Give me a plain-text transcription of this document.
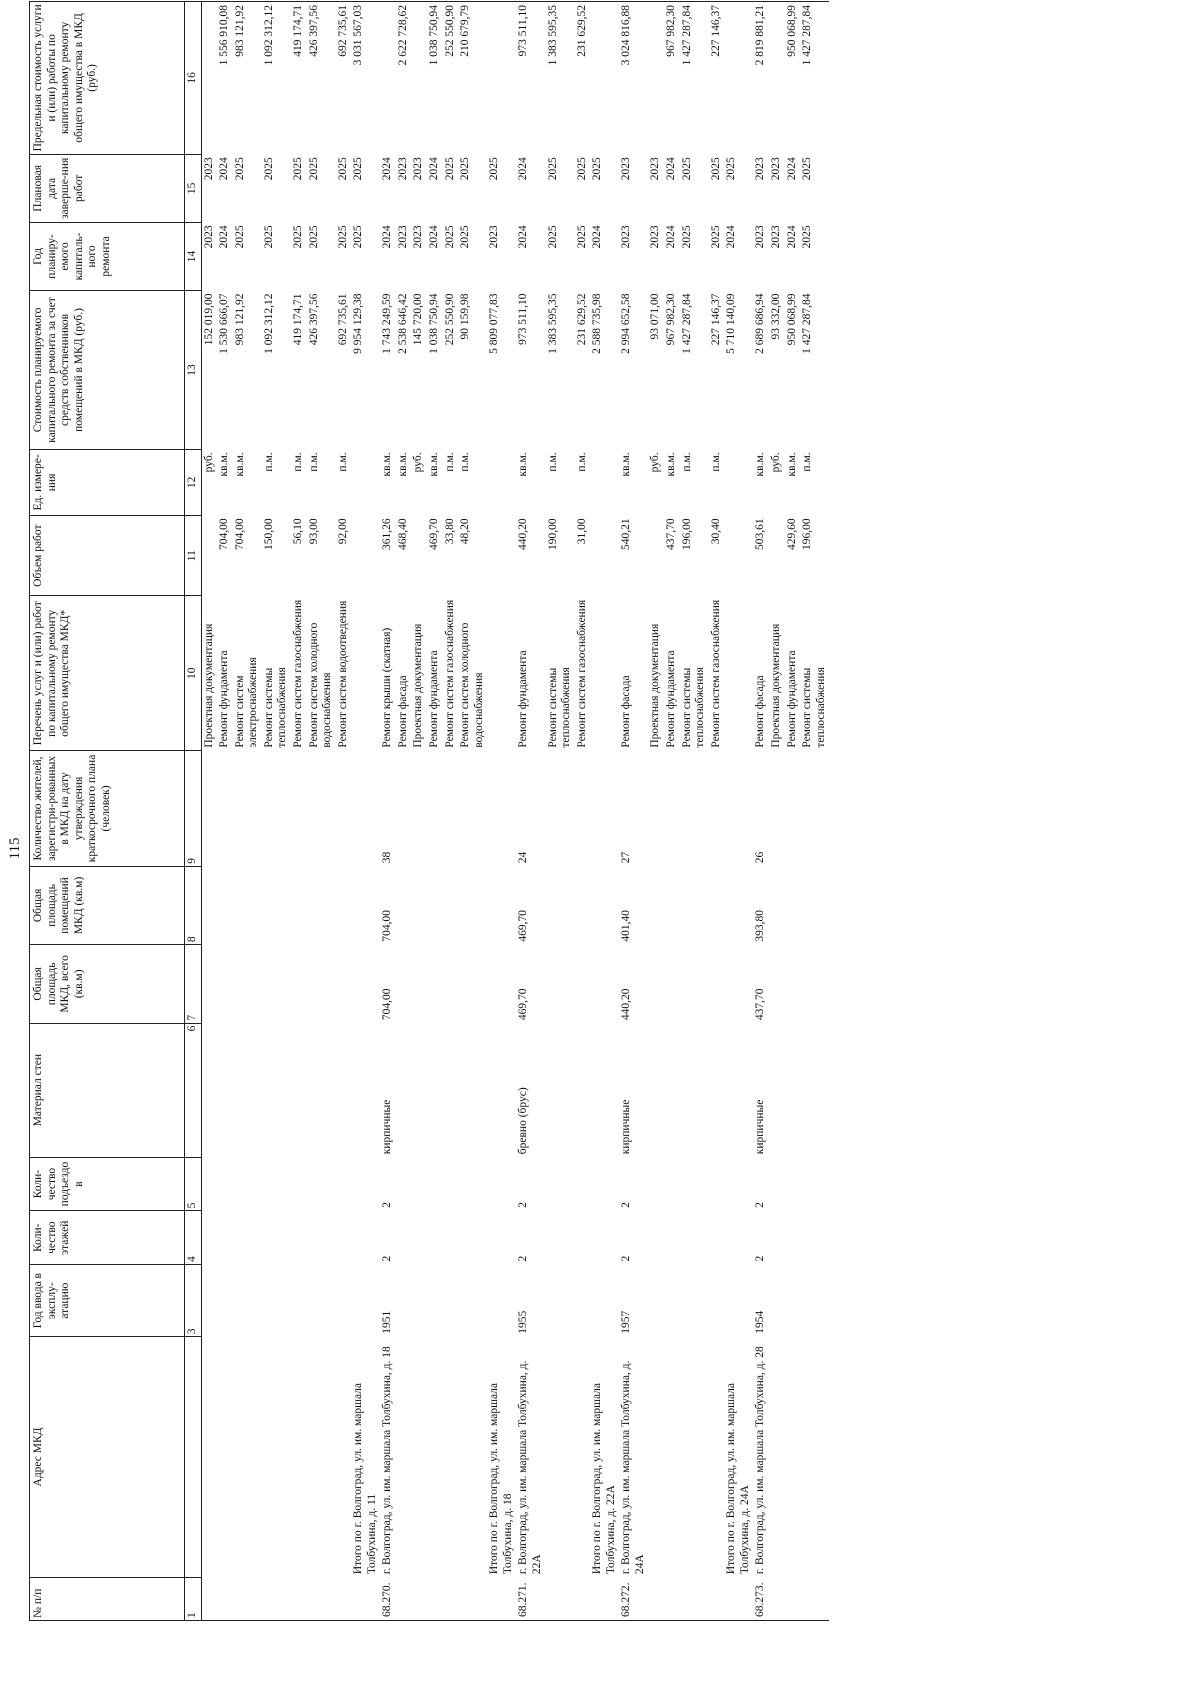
115
№ п/п	Адрес МКД	Год ввода в эксплу-атацию	Коли-чество этажей	Коли-чество подъездо в	Материал стен	Общая площадь МКД, всего (кв.м)	Общая площадь помещений МКД (кв.м)	Количество жителей, зарегистри-рованных в МКД на дату утверждения краткосрочного плана (человек)	Перечень услуг и (или) работ по капитальному ремонту общего имущества МКД*	Объем работ	Ед. измере-ния	Стоимость планируемого капитального ремонта за счет средств собственников помещений в МКД (руб.)	Год планиру-емого капиталь-ного ремонта	Плановая дата заверше-ния работ	Предельная стоимость услуги и (или) работы по капитальному ремонту общего имущества в МКД (руб.)
1		3	4	5	6	7	8	9	10	11	12	13	14	15	16
									Проектная документация		руб.	152 019,00	2023	2023	
									Ремонт фундамента	704,00	кв.м.	1 530 666,07	2024	2024	1 556 910,08
									Ремонт систем электроснабжения	704,00	кв.м.	983 121,92	2025	2025	983 121,92
									Ремонт системы теплоснабжения	150,00	п.м.	1 092 312,12	2025	2025	1 092 312,12
									Ремонт систем газоснабжения	56,10	п.м.	419 174,71	2025	2025	419 174,71
									Ремонт систем холодного водоснабжения	93,00	п.м.	426 397,56	2025	2025	426 397,56
									Ремонт систем водоотведения	92,00	п.м.	692 735,61	2025	2025	692 735,61
	Итого по г. Волгоград, ул. им. маршала Толбухина, д. 11											9 954 129,38	2025	2025	3 031 567,03
68.270.	г. Волгоград, ул. им. маршала Толбухина, д. 18	1951	2	2	кирпичные	704,00	704,00	38	Ремонт крыши (скатная)	361,26	кв.м.	1 743 249,59	2024	2024	
									Ремонт фасада	468,40	кв.м.	2 538 646,42	2023	2023	2 622 728,62
									Проектная документация		руб.	145 720,00	2023	2023	
									Ремонт фундамента	469,70	кв.м.	1 038 750,94	2024	2024	1 038 750,94
									Ремонт систем газоснабжения	33,80	п.м.	252 550,90	2025	2025	252 550,90
									Ремонт систем холодного водоснабжения	48,20	п.м.	90 159,98	2025	2025	210 679,79
	Итого по г. Волгоград, ул. им. маршала Толбухина, д. 18											5 809 077,83	2023	2025	
68.271.	г. Волгоград, ул. им. маршала Толбухина, д. 22А	1955	2	2	бревно (брус)	469,70	469,70	24	Ремонт фундамента	440,20	кв.м.	973 511,10	2024	2024	973 511,10
									Ремонт системы теплоснабжения	190,00	п.м.	1 383 595,35	2025	2025	1 383 595,35
									Ремонт систем газоснабжения	31,00	п.м.	231 629,52	2025	2025	231 629,52
	Итого по г. Волгоград, ул. им. маршала Толбухина, д. 22А											2 588 735,98	2024	2025	
68.272.	г. Волгоград, ул. им. маршала Толбухина, д. 24А	1957	2	2	кирпичные	440,20	401,40	27	Ремонт фасада	540,21	кв.м.	2 994 652,58	2023	2023	3 024 816,88
									Проектная документация		руб.	93 071,00	2023	2023	
									Ремонт фундамента	437,70	кв.м.	967 982,30	2024	2024	967 982,30
									Ремонт системы теплоснабжения	196,00	п.м.	1 427 287,84	2025	2025	1 427 287,84
									Ремонт систем газоснабжения	30,40	п.м.	227 146,37	2025	2025	227 146,37
	Итого по г. Волгоград, ул. им. маршала Толбухина, д. 24А											5 710 140,09	2024	2025	
68.273.	г. Волгоград, ул. им. маршала Толбухина, д. 28	1954	2	2	кирпичные	437,70	393,80	26	Ремонт фасада	503,61	кв.м.	2 689 686,94	2023	2023	2 819 881,21
									Проектная документация		руб.	93 332,00	2023	2023	
									Ремонт фундамента	429,60	кв.м.	950 068,99	2024	2024	950 068,99
									Ремонт системы теплоснабжения	196,00	п.м.	1 427 287,84	2025	2025	1 427 287,84
